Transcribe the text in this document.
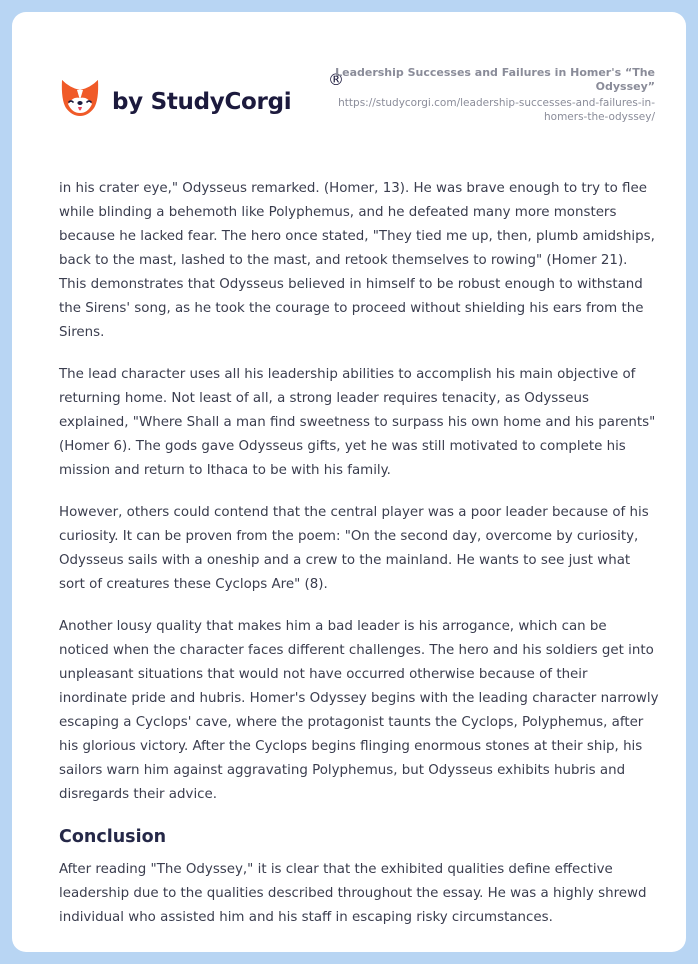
by StudyCorgi
®
Leadership Successes and Failures in Homer's “The Odyssey”
https://studycorgi.com/leadership-successes-and-failures-in-homers-the-odyssey/

in his crater eye," Odysseus remarked. (Homer, 13). He was brave enough to try to flee while blinding a behemoth like Polyphemus, and he defeated many more monsters because he lacked fear. The hero once stated, "They tied me up, then, plumb amidships, back to the mast, lashed to the mast, and retook themselves to rowing" (Homer 21). This demonstrates that Odysseus believed in himself to be robust enough to withstand the Sirens' song, as he took the courage to proceed without shielding his ears from the Sirens.

The lead character uses all his leadership abilities to accomplish his main objective of returning home. Not least of all, a strong leader requires tenacity, as Odysseus explained, "Where Shall a man find sweetness to surpass his own home and his parents" (Homer 6). The gods gave Odysseus gifts, yet he was still motivated to complete his mission and return to Ithaca to be with his family.

However, others could contend that the central player was a poor leader because of his curiosity. It can be proven from the poem: "On the second day, overcome by curiosity, Odysseus sails with a oneship and a crew to the mainland. He wants to see just what sort of creatures these Cyclops Are" (8).

Another lousy quality that makes him a bad leader is his arrogance, which can be noticed when the character faces different challenges. The hero and his soldiers get into unpleasant situations that would not have occurred otherwise because of their inordinate pride and hubris. Homer's Odyssey begins with the leading character narrowly escaping a Cyclops' cave, where the protagonist taunts the Cyclops, Polyphemus, after his glorious victory. After the Cyclops begins flinging enormous stones at their ship, his sailors warn him against aggravating Polyphemus, but Odysseus exhibits hubris and disregards their advice.

Conclusion

After reading "The Odyssey," it is clear that the exhibited qualities define effective leadership due to the qualities described throughout the essay. He was a highly shrewd individual who assisted him and his staff in escaping risky circumstances.
